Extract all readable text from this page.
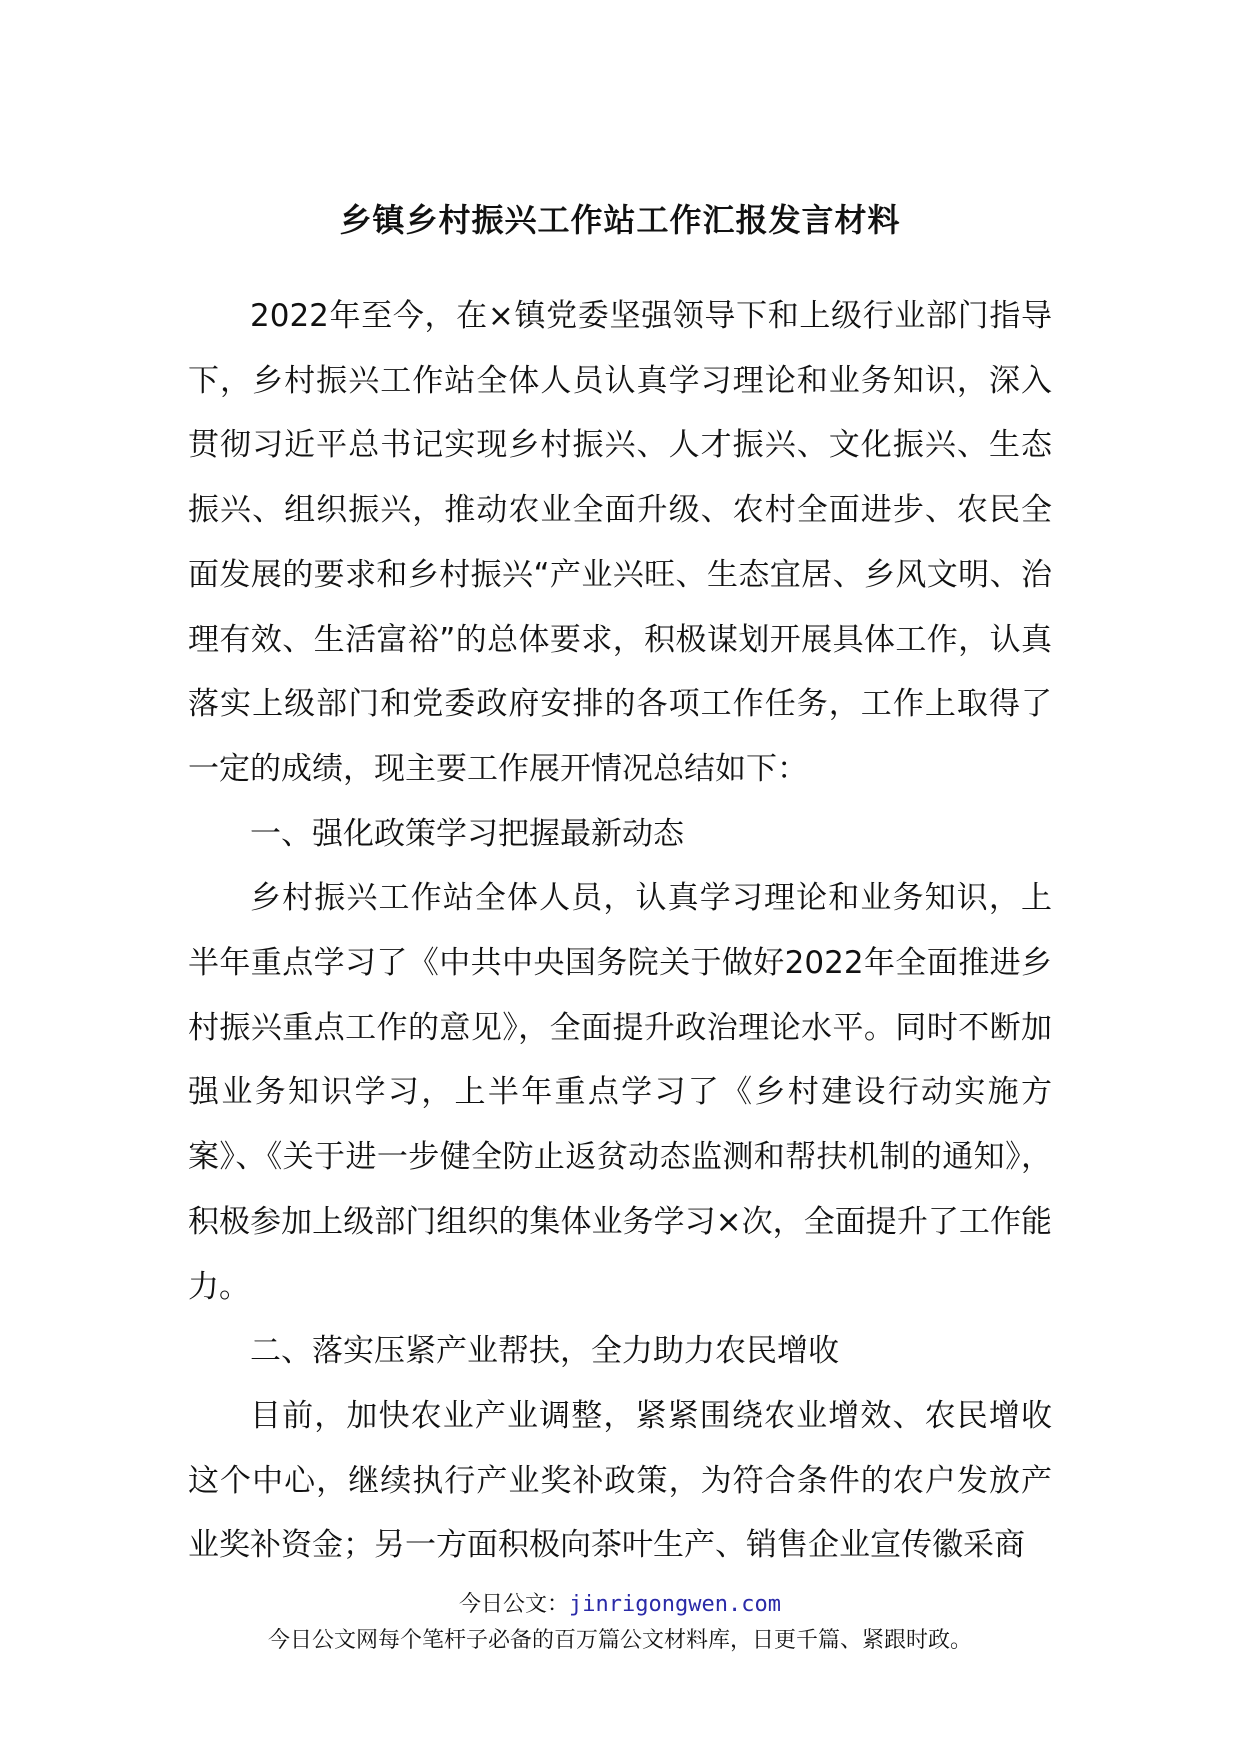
乡镇乡村振兴工作站工作汇报发言材料

2022年至今，在×镇党委坚强领导下和上级行业部门指导下，乡村振兴工作站全体人员认真学习理论和业务知识，深入贯彻习近平总书记实现乡村振兴、人才振兴、文化振兴、生态振兴、组织振兴，推动农业全面升级、农村全面进步、农民全面发展的要求和乡村振兴“产业兴旺、生态宜居、乡风文明、治理有效、生活富裕”的总体要求，积极谋划开展具体工作，认真落实上级部门和党委政府安排的各项工作任务，工作上取得了一定的成绩，现主要工作展开情况总结如下：

一、强化政策学习把握最新动态

乡村振兴工作站全体人员，认真学习理论和业务知识，上半年重点学习了《中共中央国务院关于做好2022年全面推进乡村振兴重点工作的意见》，全面提升政治理论水平。同时不断加强业务知识学习，上半年重点学习了《乡村建设行动实施方案》、《关于进一步健全防止返贫动态监测和帮扶机制的通知》，积极参加上级部门组织的集体业务学习×次，全面提升了工作能力。

二、落实压紧产业帮扶，全力助力农民增收

目前，加快农业产业调整，紧紧围绕农业增效、农民增收这个中心，继续执行产业奖补政策，为符合条件的农户发放产业奖补资金；另一方面积极向茶叶生产、销售企业宣传徽采商

今日公文：jinrigongwen.com
今日公文网每个笔杆子必备的百万篇公文材料库，日更千篇、紧跟时政。
